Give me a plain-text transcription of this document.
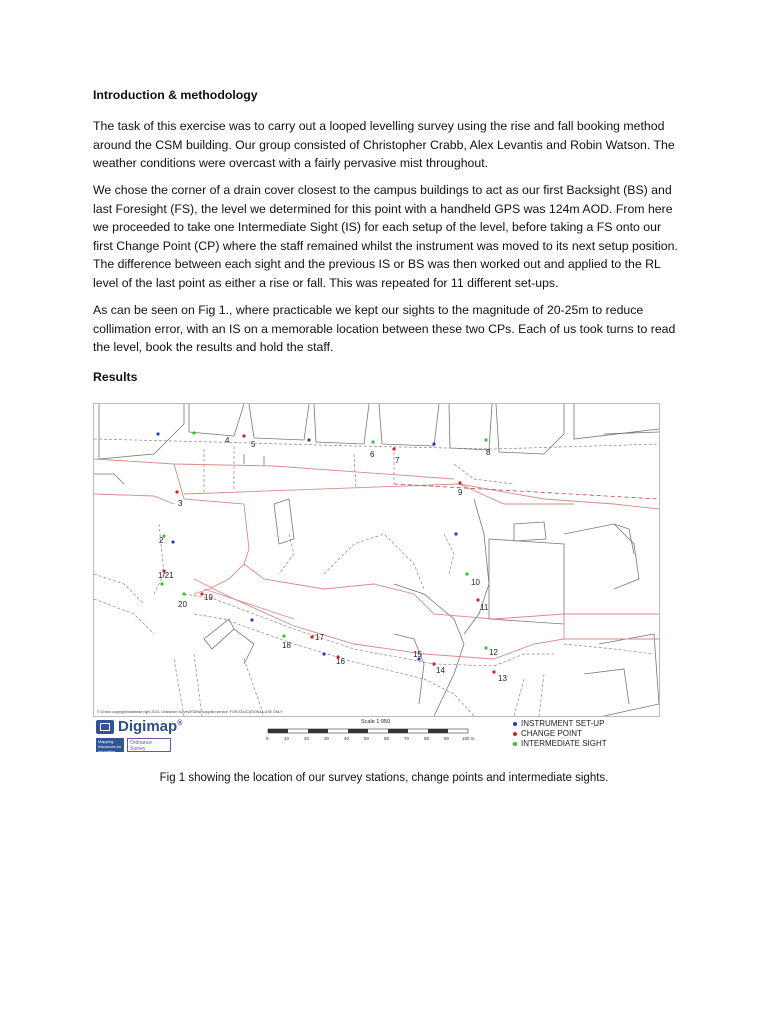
Introduction & methodology

The task of this exercise was to carry out a looped levelling survey using the rise and fall booking method around the CSM building. Our group consisted of Christopher Crabb, Alex Levantis and Robin Watson. The weather conditions were overcast with a fairly pervasive mist throughout.

We chose the corner of a drain cover closest to the campus buildings to act as our first Backsight (BS) and last Foresight (FS), the level we determined for this point with a handheld GPS was 124m AOD. From here we proceeded to take one Intermediate Sight (IS) for each setup of the level, before taking a FS onto our first Change Point (CP) where the staff remained whilst the instrument was moved to its next setup position. The difference between each sight and the previous IS or BS was then worked out and applied to the RL level of the last point as either a rise or fall. This was repeated for 11 different set-ups.

As can be seen on Fig 1., where practicable we kept our sights to the magnitude of 20-25m to reduce collimation error, with an IS on a memorable location between these two CPs. Each of us took turns to read the level, book the results and hold the staff.

Results

4	5
6
7
8
9
3
2
1/21
20
19
17
18
16
15
14
12
13
10
11
© Crown copyright/database right 2013. Ordnance Survey/EDINA supplied service. FOR EDUCATIONAL USE ONLY
Digimap®
Mapping resources for education
Ordnance Survey
Scale 1:950
0	10	20	30	40	50	60	70	80	90	100 m
INSTRUMENT SET-UP
CHANGE POINT
INTERMEDIATE SIGHT
Fig 1 showing the location of our survey stations, change points and intermediate sights.
